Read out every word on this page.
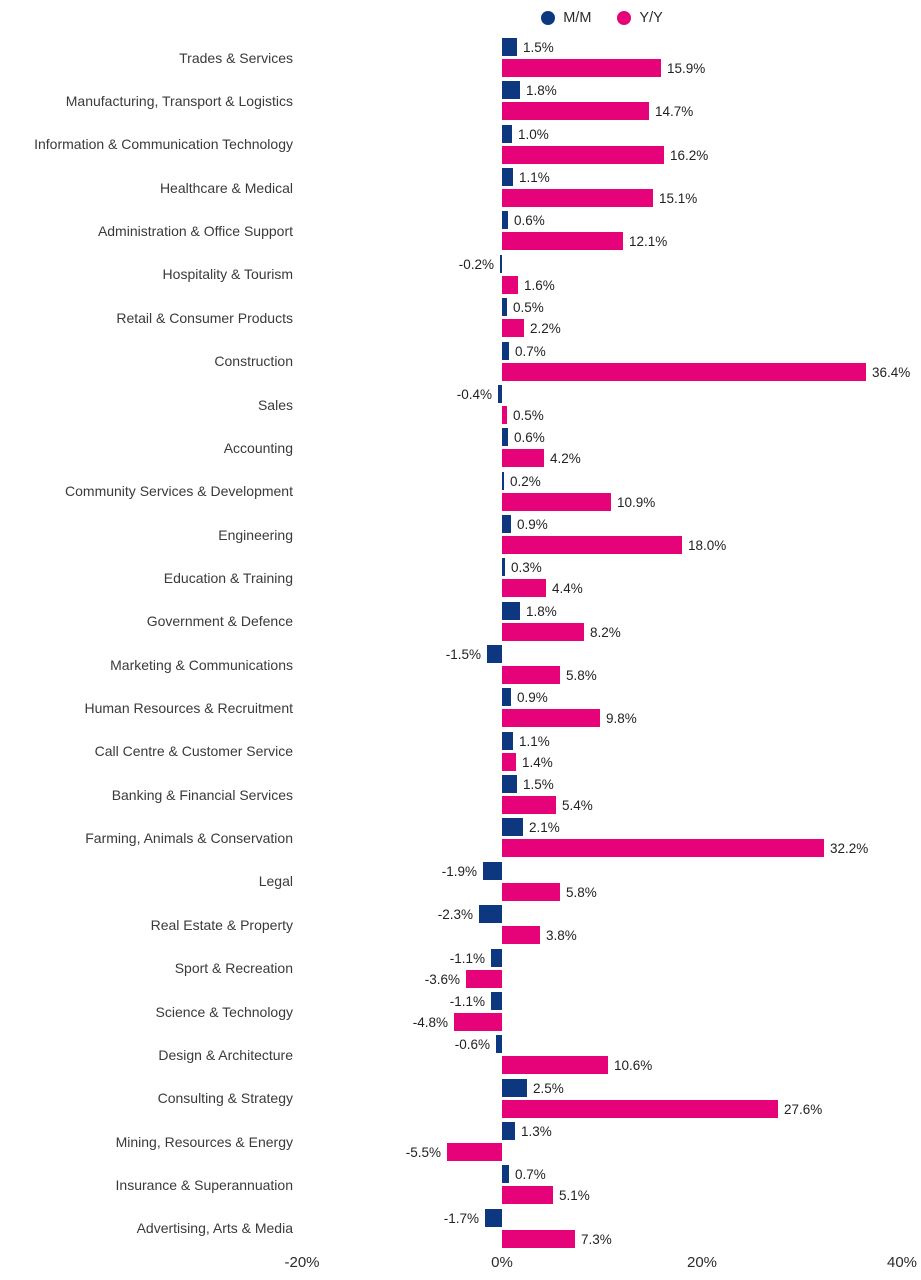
M/M	Y/Y
Trades & Services
1.5%
15.9%
Manufacturing, Transport & Logistics
1.8%
14.7%
Information & Communication Technology
1.0%
16.2%
Healthcare & Medical
1.1%
15.1%
Administration & Office Support
0.6%
12.1%
Hospitality & Tourism
-0.2%
1.6%
Retail & Consumer Products
0.5%
2.2%
Construction
0.7%
36.4%
Sales
-0.4%
0.5%
Accounting
0.6%
4.2%
Community Services & Development
0.2%
10.9%
Engineering
0.9%
18.0%
Education & Training
0.3%
4.4%
Government & Defence
1.8%
8.2%
Marketing & Communications
-1.5%
5.8%
Human Resources & Recruitment
0.9%
9.8%
Call Centre & Customer Service
1.1%
1.4%
Banking & Financial Services
1.5%
5.4%
Farming, Animals & Conservation
2.1%
32.2%
Legal
-1.9%
5.8%
Real Estate & Property
-2.3%
3.8%
Sport & Recreation
-1.1%
-3.6%
Science & Technology
-1.1%
-4.8%
Design & Architecture
-0.6%
10.6%
Consulting & Strategy
2.5%
27.6%
Mining, Resources & Energy
1.3%
-5.5%
Insurance & Superannuation
0.7%
5.1%
Advertising, Arts & Media
-1.7%
7.3%
-20%	0%	20%	40%
